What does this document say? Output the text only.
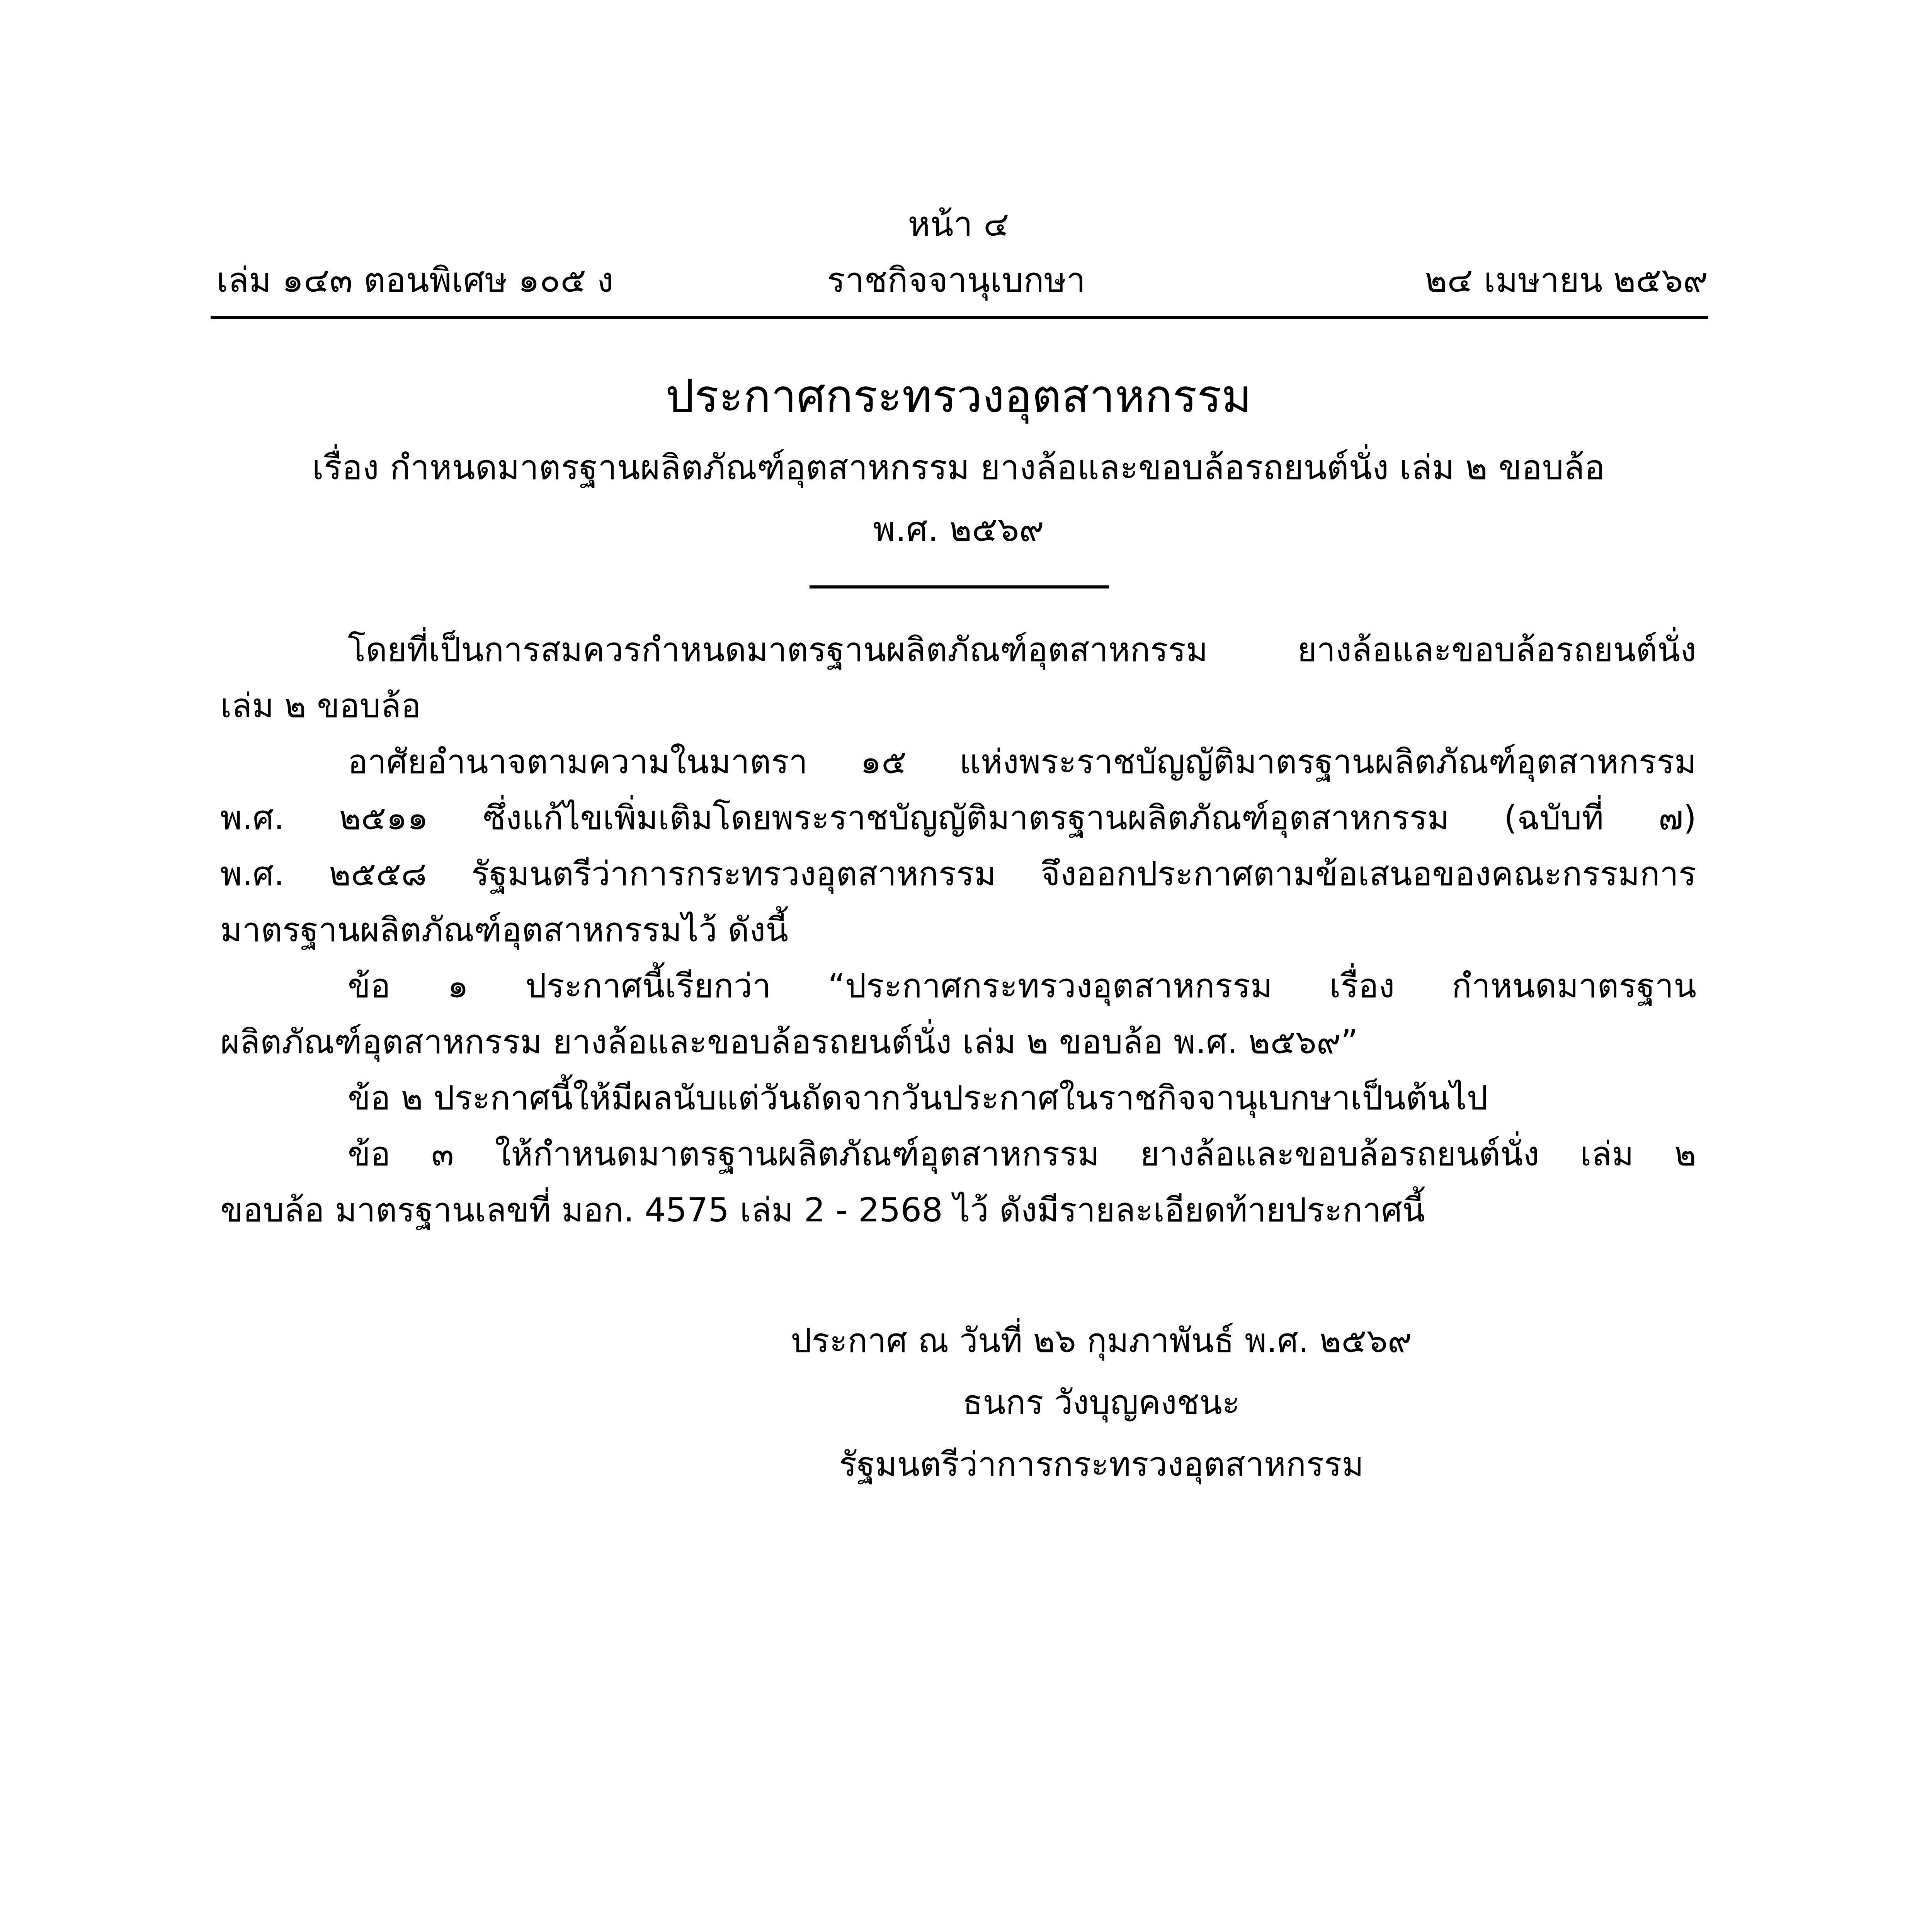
หน้า ๔
เล่ม ๑๔๓ ตอนพิเศษ ๑๐๕ ง	ราชกิจจานุเบกษา	๒๔ เมษายน ๒๕๖๙
ประกาศกระทรวงอุตสาหกรรม
เรื่อง กำหนดมาตรฐานผลิตภัณฑ์อุตสาหกรรม ยางล้อและขอบล้อรถยนต์นั่ง เล่ม ๒ ขอบล้อ
พ.ศ. ๒๕๖๙
โดยที่เป็นการสมควรกำหนดมาตรฐานผลิตภัณฑ์อุตสาหกรรม ยางล้อและขอบล้อรถยนต์นั่ง
เล่ม ๒ ขอบล้อ
อาศัยอำนาจตามความในมาตรา ๑๕ แห่งพระราชบัญญัติมาตรฐานผลิตภัณฑ์อุตสาหกรรม
พ.ศ. ๒๕๑๑ ซึ่งแก้ไขเพิ่มเติมโดยพระราชบัญญัติมาตรฐานผลิตภัณฑ์อุตสาหกรรม (ฉบับที่ ๗)
พ.ศ. ๒๕๕๘ รัฐมนตรีว่าการกระทรวงอุตสาหกรรม จึงออกประกาศตามข้อเสนอของคณะกรรมการ
มาตรฐานผลิตภัณฑ์อุตสาหกรรมไว้ ดังนี้
ข้อ ๑ ประกาศนี้เรียกว่า “ประกาศกระทรวงอุตสาหกรรม เรื่อง กำหนดมาตรฐาน
ผลิตภัณฑ์อุตสาหกรรม ยางล้อและขอบล้อรถยนต์นั่ง เล่ม ๒ ขอบล้อ พ.ศ. ๒๕๖๙”
ข้อ ๒ ประกาศนี้ให้มีผลนับแต่วันถัดจากวันประกาศในราชกิจจานุเบกษาเป็นต้นไป
ข้อ ๓ ให้กำหนดมาตรฐานผลิตภัณฑ์อุตสาหกรรม ยางล้อและขอบล้อรถยนต์นั่ง เล่ม ๒
ขอบล้อ มาตรฐานเลขที่ มอก. 4575 เล่ม 2 - 2568 ไว้ ดังมีรายละเอียดท้ายประกาศนี้
ประกาศ ณ วันที่ ๒๖ กุมภาพันธ์ พ.ศ. ๒๕๖๙
ธนกร วังบุญคงชนะ
รัฐมนตรีว่าการกระทรวงอุตสาหกรรม
